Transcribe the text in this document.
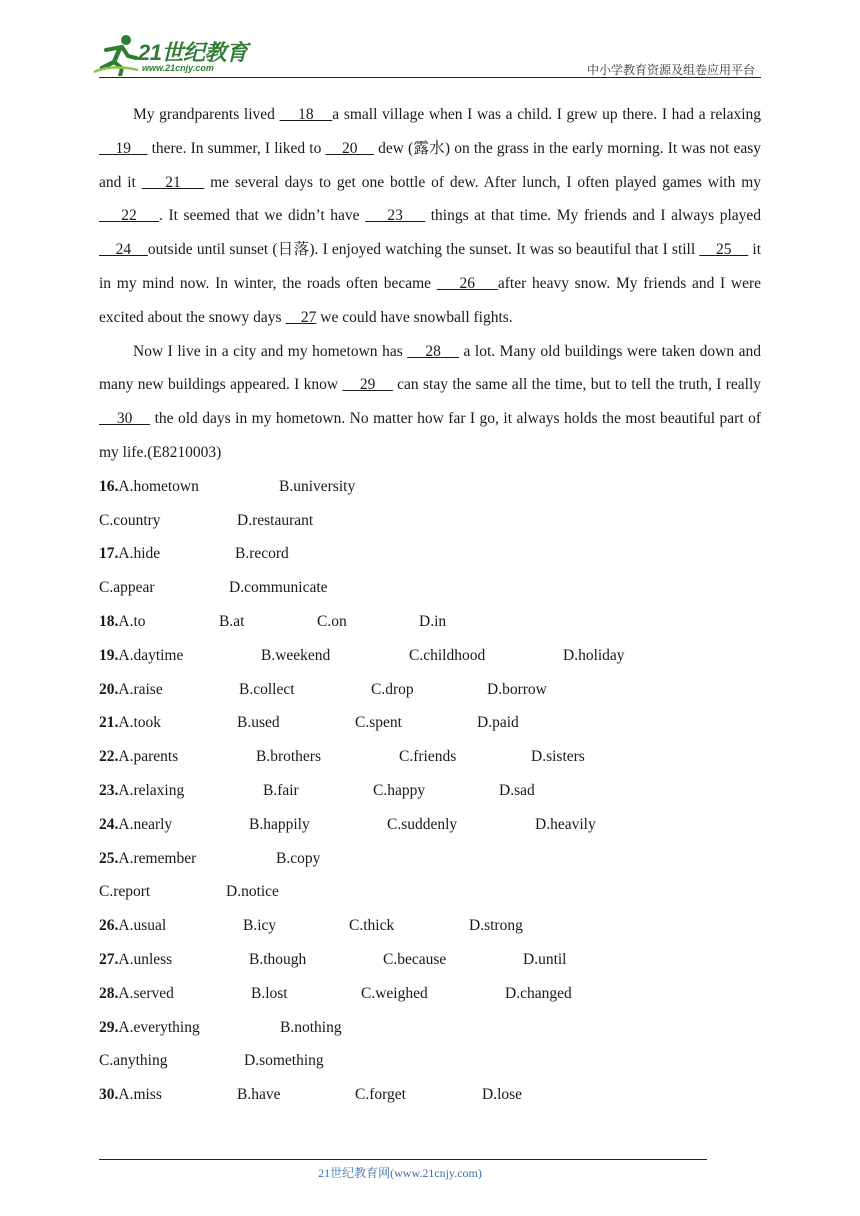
21世纪教育
www.21cnjy.com	中小学教育资源及组卷应用平台

My grandparents lived     18    a small village when I was a child. I grew up there. I had a relaxing     19     there. In summer, I liked to     20     dew (露水) on the grass in the early morning. It was not easy and it     21     me several days to get one bottle of dew. After lunch, I often played games with my     22    . It seemed that we didn’t have     23     things at that time. My friends and I always played     24    outside until sunset (日落). I enjoyed watching the sunset. It was so beautiful that I still     25     it in my mind now. In winter, the roads often became     26    after heavy snow. My friends and I were excited about the snowy days     27 we could have snowball fights.

Now I live in a city and my hometown has     28     a lot. Many old buildings were taken down and many new buildings appeared. I know     29     can stay the same all the time, but to tell the truth, I really     30     the old days in my hometown. No matter how far I go, it always holds the most beautiful part of my life.(E8210003)

16.A.hometown	B.university
C.country	D.restaurant
17.A.hide	B.record
C.appear	D.communicate
18.A.to	B.at	C.on	D.in
19.A.daytime	B.weekend	C.childhood	D.holiday
20.A.raise	B.collect	C.drop	D.borrow
21.A.took	B.used	C.spent	D.paid
22.A.parents	B.brothers	C.friends	D.sisters
23.A.relaxing	B.fair	C.happy	D.sad
24.A.nearly	B.happily	C.suddenly	D.heavily
25.A.remember	B.copy
C.report	D.notice
26.A.usual	B.icy	C.thick	D.strong
27.A.unless	B.though	C.because	D.until
28.A.served	B.lost	C.weighed	D.changed
29.A.everything	B.nothing
C.anything	D.something
30.A.miss	B.have	C.forget	D.lose
21世纪教育网(www.21cnjy.com)
